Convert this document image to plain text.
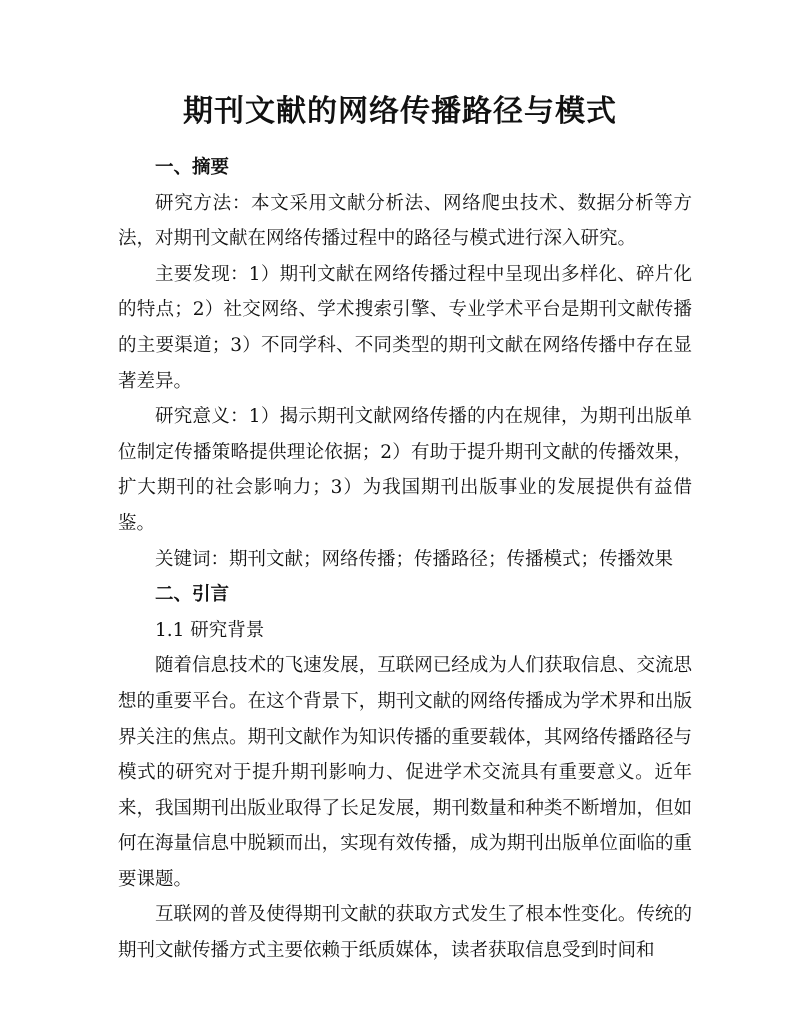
期刊文献的网络传播路径与模式

一、摘要

研究方法：本文采用文献分析法、网络爬虫技术、数据分析等方法，对期刊文献在网络传播过程中的路径与模式进行深入研究。

主要发现：1）期刊文献在网络传播过程中呈现出多样化、碎片化的特点；2）社交网络、学术搜索引擎、专业学术平台是期刊文献传播的主要渠道；3）不同学科、不同类型的期刊文献在网络传播中存在显著差异。

研究意义：1）揭示期刊文献网络传播的内在规律，为期刊出版单位制定传播策略提供理论依据；2）有助于提升期刊文献的传播效果，扩大期刊的社会影响力；3）为我国期刊出版事业的发展提供有益借鉴。

关键词：期刊文献；网络传播；传播路径；传播模式；传播效果

二、引言

1.1 研究背景

随着信息技术的飞速发展，互联网已经成为人们获取信息、交流思想的重要平台。在这个背景下，期刊文献的网络传播成为学术界和出版界关注的焦点。期刊文献作为知识传播的重要载体，其网络传播路径与模式的研究对于提升期刊影响力、促进学术交流具有重要意义。近年来，我国期刊出版业取得了长足发展，期刊数量和种类不断增加，但如何在海量信息中脱颖而出，实现有效传播，成为期刊出版单位面临的重要课题。

互联网的普及使得期刊文献的获取方式发生了根本性变化。传统的期刊文献传播方式主要依赖于纸质媒体，读者获取信息受到时间和
